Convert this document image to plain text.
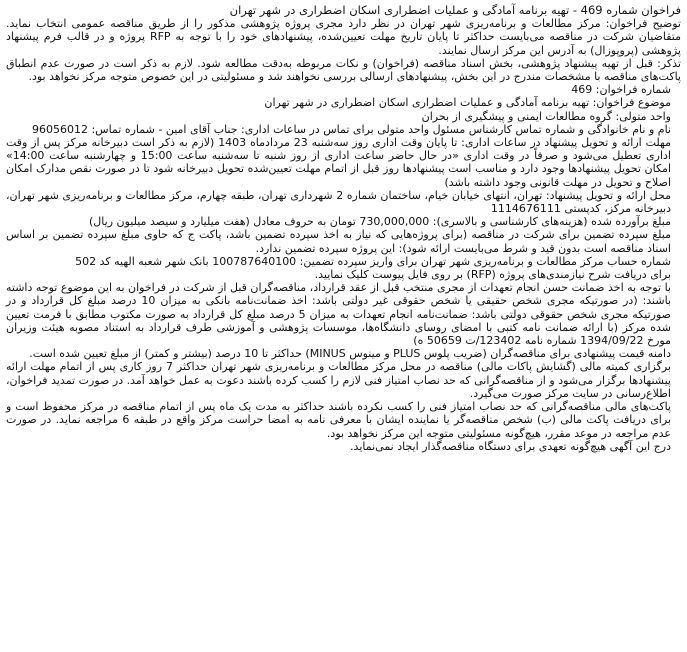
فراخوان شماره 469 - تهیه برنامه آمادگی و عملیات اضطراری اسکان اضطراری در شهر تهران

توضیح فراخوان: مرکز مطالعات و برنامه‌ریزی شهر تهران در نظر دارد مجری پروژه پژوهشی مذکور را از طریق مناقصه عمومی انتخاب نماید. متقاضیان شرکت در مناقصه می‌بایست حداکثر تا پایان تاریخ مهلت تعیین‌شده، پیشنهادهای خود را با توجه به RFP پروژه و در قالب فرم پیشنهاد پژوهشی (پروپوزال) به آدرس این مرکز ارسال نمایند.

تذکر: قبل از تهیه پیشنهاد پژوهشی، بخش اسناد مناقصه (فراخوان) و نکات مربوطه به‌دقت مطالعه شود. لازم به ذکر است در صورت عدم انطباق پاکت‌های مناقصه با مشخصات مندرج در این بخش، پیشنهادهای ارسالی بررسی نخواهند شد و مسئولیتی در این خصوص متوجه مرکز نخواهد بود.

شماره فراخوان: 469

موضوع فراخوان: تهیه برنامه آمادگی و عملیات اضطراری اسکان اضطراری در شهر تهران

واحد متولی: گروه مطالعات ایمنی و پیشگیری از بحران

نام و نام خانوادگی و شماره تماس کارشناس مسئول واحد متولی برای تماس در ساعات اداری: جناب آقای امین - شماره تماس: 96056012

مهلت ارائه و تحویل پیشنهاد در ساعات اداری: تا پایان وقت اداری روز سه‌شنبه 23 مردادماه 1403 (لازم به ذکر است دبیرخانه مرکز پس از وقت اداری تعطیل می‌شود و صرفاً در وقت اداری «در حال حاضر ساعت اداری از روز شنبه تا سه‌شنبه ساعت 15:00 و چهارشنبه ساعت 14:00» امکان تحویل پیشنهادها وجود دارد و مناسب است پیشنهادها روز قبل از اتمام مهلت تعیین‌شده تحویل دبیرخانه شود تا در صورت نقص مدارک امکان اصلاح و تحویل در مهلت قانونی وجود داشته باشد)

محل ارائه و تحویل پیشنهاد: تهران، انتهای خیابان خیام، ساختمان شماره 2 شهرداری تهران، طبقه چهارم، مرکز مطالعات و برنامه‌ریزی شهر تهران، دبیرخانه مرکز، کدپستی 1114676111

مبلغ برآورده شده (هزینه‌های کارشناسی و بالاسری): 730,000,000 تومان به حروف معادل (هفت میلیارد و سیصد میلیون ریال)

مبلغ سپرده تضمین برای شرکت در مناقصه (برای پروژه‌هایی که نیاز به اخذ سپرده تضمین باشد، پاکت ج که حاوی مبلغ سپرده تضمین بر اساس اسناد مناقصه است بدون قید و شرط می‌بایست ارائه شود): این پروژه سپرده تضمین ندارد.

شماره حساب مرکز مطالعات و برنامه‌ریزی شهر تهران برای واریز سپرده تضمین: 100787640100 بانک شهر شعبه الهیه کد 502

برای دریافت شرح نیازمندی‌های پروژه (RFP) بر روی فایل پیوست کلیک نمایید.

با توجه به اخذ ضمانت حسن انجام تعهدات از مجری منتخب قبل از عقد قرارداد، مناقصه‌گران قبل از شرکت در فراخوان به این موضوع توجه داشته باشند: (در صورتیکه مجری شخص حقیقی یا شخص حقوقی غیر دولتی باشد: اخذ ضمانت‌نامه بانکی به میزان 10 درصد مبلغ کل قرارداد و در صورتیکه مجری شخص حقوقی دولتی باشد: ضمانت‌نامه انجام تعهدات به میزان 5 درصد مبلغ کل قرارداد به صورت مکتوب مطابق با فرمت تعیین شده مرکز (با ارائه ضمانت نامه کتبی با امضای روسای دانشگاه‌ها، موسسات پژوهشی و آموزشی طرف قرارداد به استناد مصوبه هیئت وزیران مورخ 1394/09/22 شماره نامه 123402/ت 50659 ه)

دامنه قیمت پیشنهادی برای مناقصه‌گران (ضریب پلوس PLUS و مینوس MINUS) حداکثر تا 10 درصد (بیشتر و کمتر) از مبلغ تعیین شده است.

برگزاری کمیته مالی (گشایش پاکات مالی) مناقصه در محل مرکز مطالعات و برنامه‌ریزی شهر تهران حداکثر 7 روز کاری پس از اتمام مهلت ارائه پیشنهادها برگزار می‌شود و از مناقصه‌گرانی که حد نصاب امتیاز فنی لازم را کسب کرده باشند دعوت به عمل خواهد آمد. در صورت تمدید فراخوان، اطلاع‌رسانی در سایت مرکز صورت می‌گیرد.

پاکت‌های مالی مناقصه‌گرانی که حد نصاب امتیاز فنی را کسب نکرده باشند حداکثر به مدت یک ماه پس از اتمام مناقصه در مرکز محفوظ است و برای دریافت پاکت مالی (ب) شخص مناقصه‌گر یا نماینده ایشان با معرفی نامه به امضا حراست مرکز واقع در طبقه 6 مراجعه نماید. در صورت عدم مراجعه در موعد مقرر، هیچ‌گونه مسئولیتی متوجه این مرکز نخواهد بود.

درج این آگهی هیچ‌گونه تعهدی برای دستگاه مناقصه‌گذار ایجاد نمی‌نماید.
